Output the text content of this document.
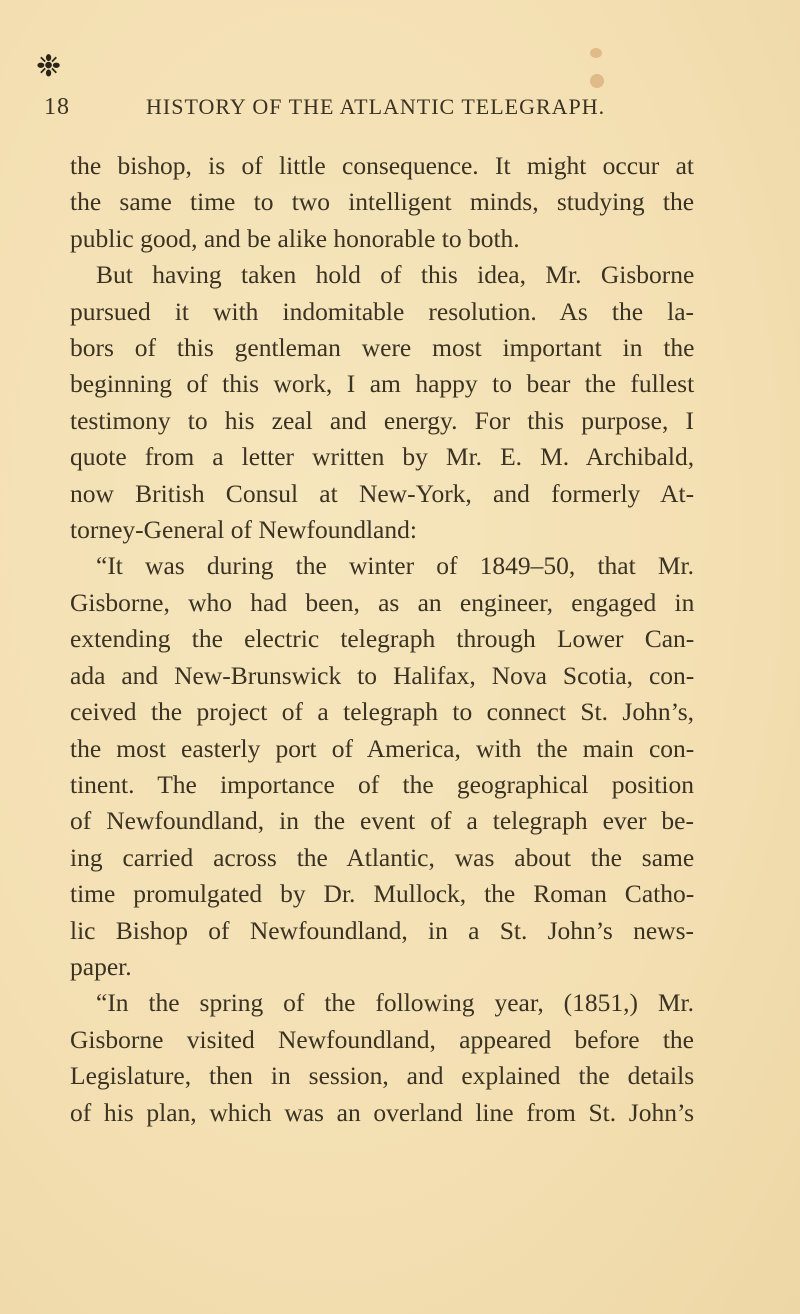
❉
18	HISTORY OF THE ATLANTIC TELEGRAPH.
the bishop, is of little consequence. It might occur at
the same time to two intelligent minds, studying the
public good, and be alike honorable to both.
But having taken hold of this idea, Mr. Gisborne
pursued it with indomitable resolution. As the la-
bors of this gentleman were most important in the
beginning of this work, I am happy to bear the fullest
testimony to his zeal and energy. For this purpose, I
quote from a letter written by Mr. E. M. Archibald,
now British Consul at New-York, and formerly At-
torney-General of Newfoundland:
“It was during the winter of 1849–50, that Mr.
Gisborne, who had been, as an engineer, engaged in
extending the electric telegraph through Lower Can-
ada and New-Brunswick to Halifax, Nova Scotia, con-
ceived the project of a telegraph to connect St. John’s,
the most easterly port of America, with the main con-
tinent. The importance of the geographical position
of Newfoundland, in the event of a telegraph ever be-
ing carried across the Atlantic, was about the same
time promulgated by Dr. Mullock, the Roman Catho-
lic Bishop of Newfoundland, in a St. John’s news-
paper.
“In the spring of the following year, (1851,) Mr.
Gisborne visited Newfoundland, appeared before the
Legislature, then in session, and explained the details
of his plan, which was an overland line from St. John’s
